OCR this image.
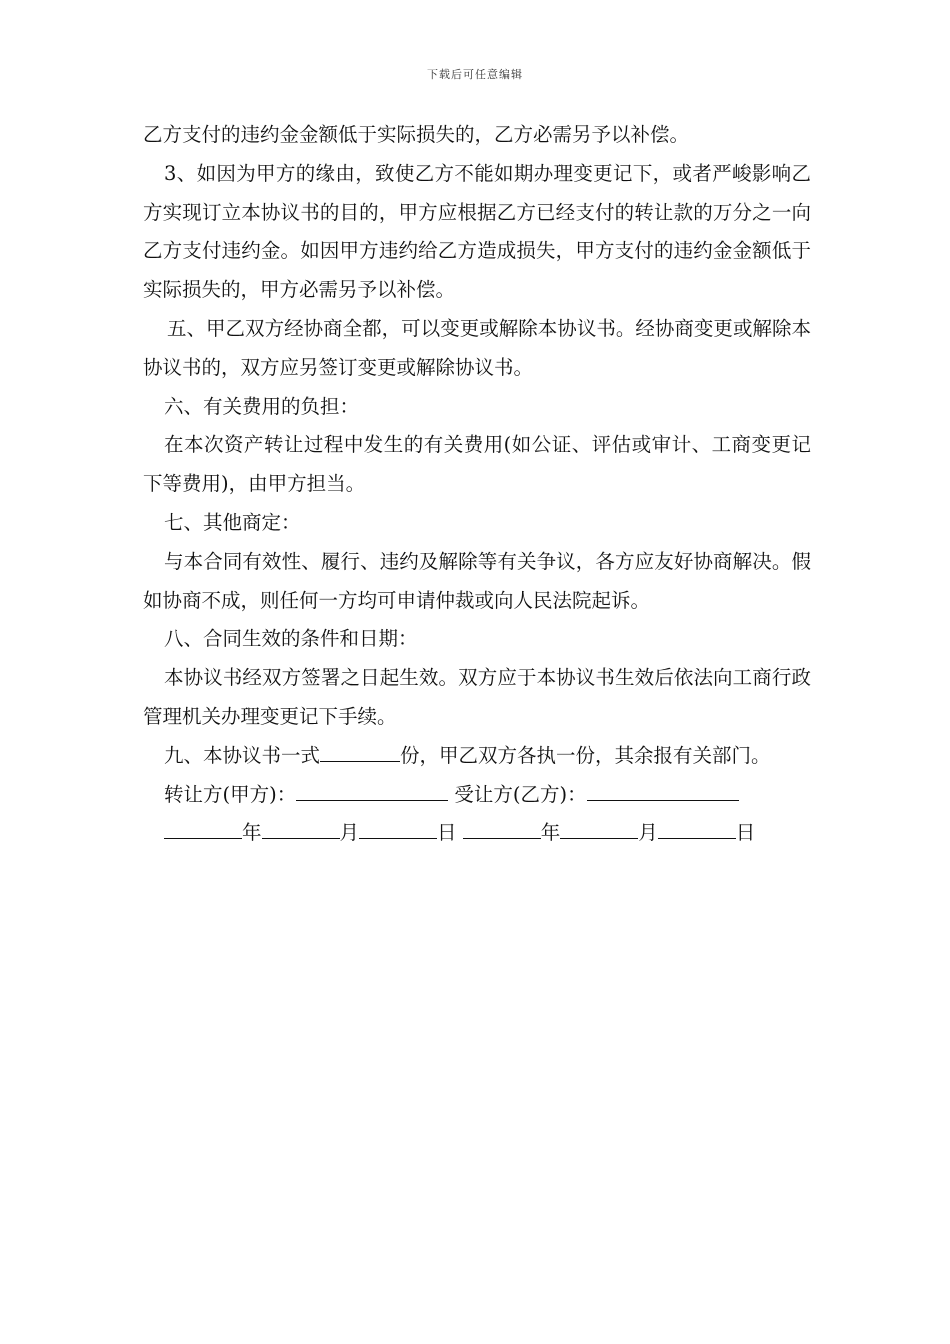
下载后可任意编辑

乙方支付的违约金金额低于实际损失的，乙方必需另予以补偿。

3、如因为甲方的缘由，致使乙方不能如期办理变更记下，或者严峻影响乙方实现订立本协议书的目的，甲方应根据乙方已经支付的转让款的万分之一向乙方支付违约金。如因甲方违约给乙方造成损失，甲方支付的违约金金额低于实际损失的，甲方必需另予以补偿。

五、甲乙双方经协商全都，可以变更或解除本协议书。经协商变更或解除本协议书的，双方应另签订变更或解除协议书。

六、有关费用的负担：

在本次资产转让过程中发生的有关费用(如公证、评估或审计、工商变更记下等费用)，由甲方担当。

七、其他商定：

与本合同有效性、履行、违约及解除等有关争议，各方应友好协商解决。假如协商不成，则任何一方均可申请仲裁或向人民法院起诉。

八、合同生效的条件和日期：

本协议书经双方签署之日起生效。双方应于本协议书生效后依法向工商行政管理机关办理变更记下手续。

九、本协议书一式	份，甲乙双方各执一份，其余报有关部门。

转让方(甲方)：	受让方(乙方)：

年	月	日	年	月	日
